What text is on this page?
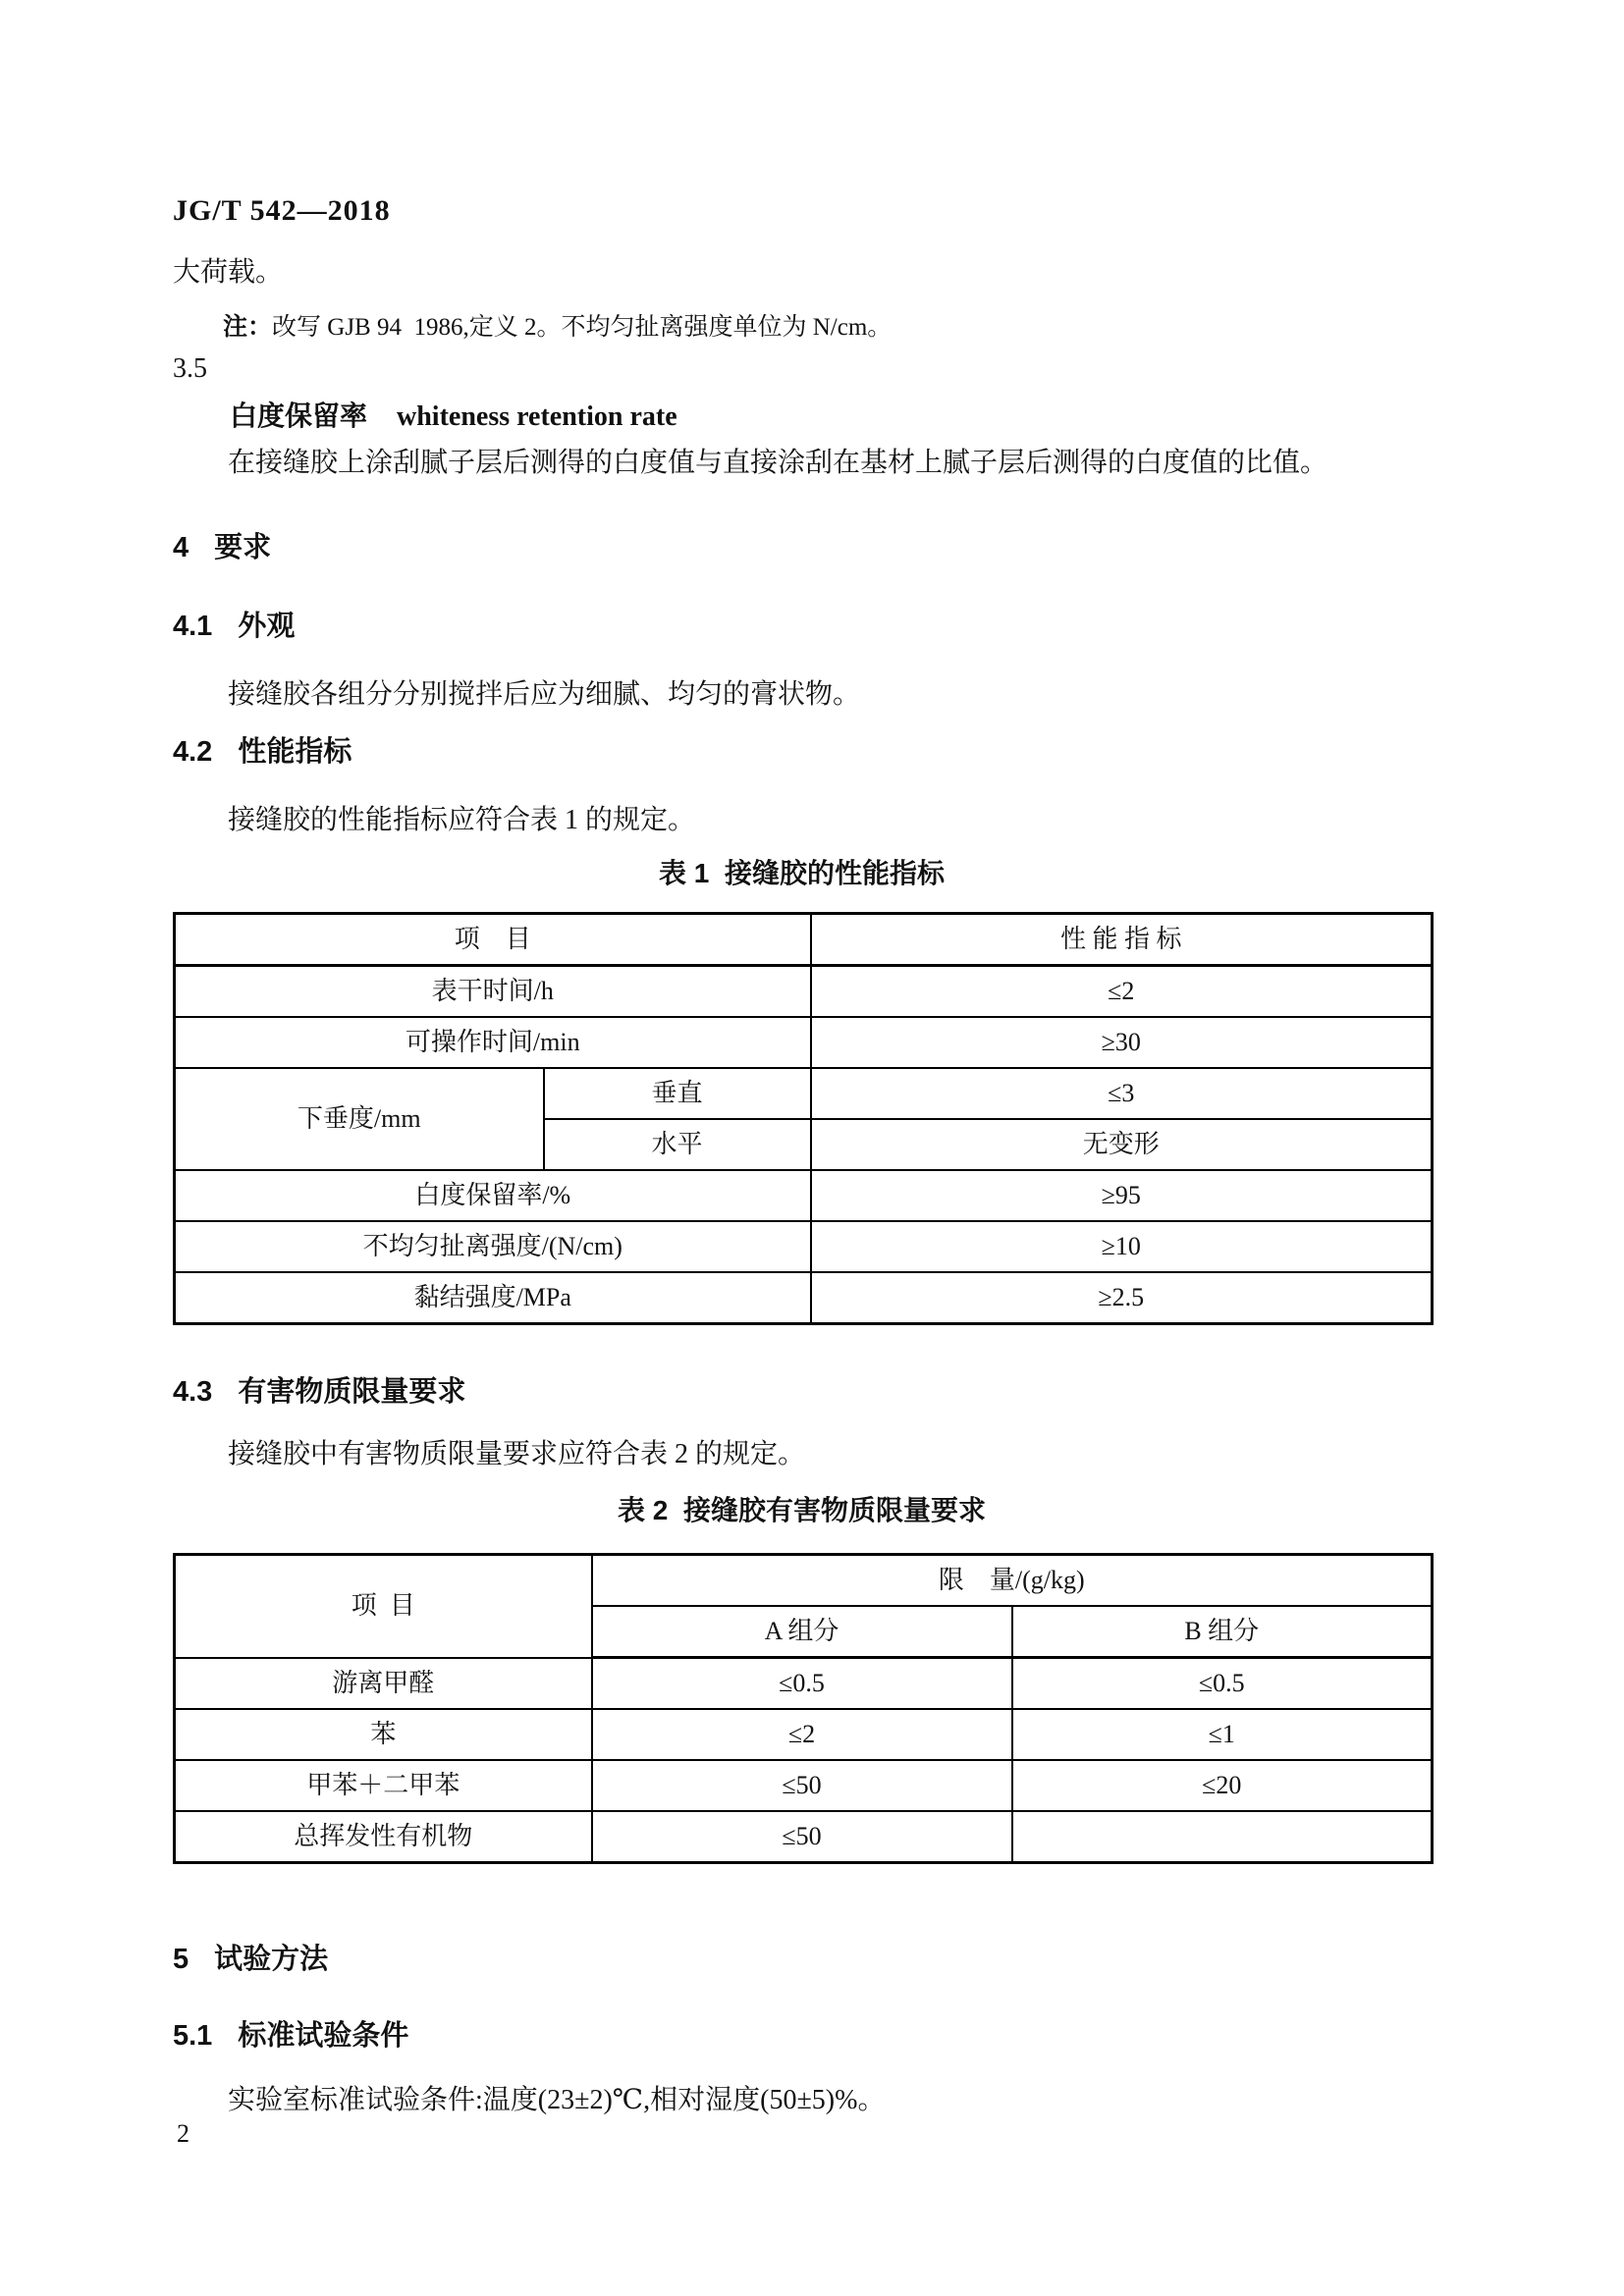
JG/T 542—2018
大荷载。
注：改写 GJB 94  1986,定义 2。不均匀扯离强度单位为 N/cm。
3.5
白度保留率 whiteness retention rate
在接缝胶上涂刮腻子层后测得的白度值与直接涂刮在基材上腻子层后测得的白度值的比值。
4 要求
4.1 外观
接缝胶各组分分别搅拌后应为细腻、均匀的膏状物。
4.2 性能指标
接缝胶的性能指标应符合表 1 的规定。
表 1  接缝胶的性能指标
项    目		性 能 指 标
表干时间/h		≤2
可操作时间/min		≥30
下垂度/mm	垂直	≤3
	水平	无变形
白度保留率/%		≥95
不均匀扯离强度/(N/cm)		≥10
黏结强度/MPa		≥2.5
4.3 有害物质限量要求
接缝胶中有害物质限量要求应符合表 2 的规定。
表 2  接缝胶有害物质限量要求
项  目	限    量/(g/kg)	
	A 组分	B 组分
游离甲醛	≤0.5	≤0.5
苯	≤2	≤1
甲苯＋二甲苯	≤50	≤20
总挥发性有机物	≤50	
5 试验方法
5.1 标准试验条件
实验室标准试验条件:温度(23±2)℃,相对湿度(50±5)%。
2
